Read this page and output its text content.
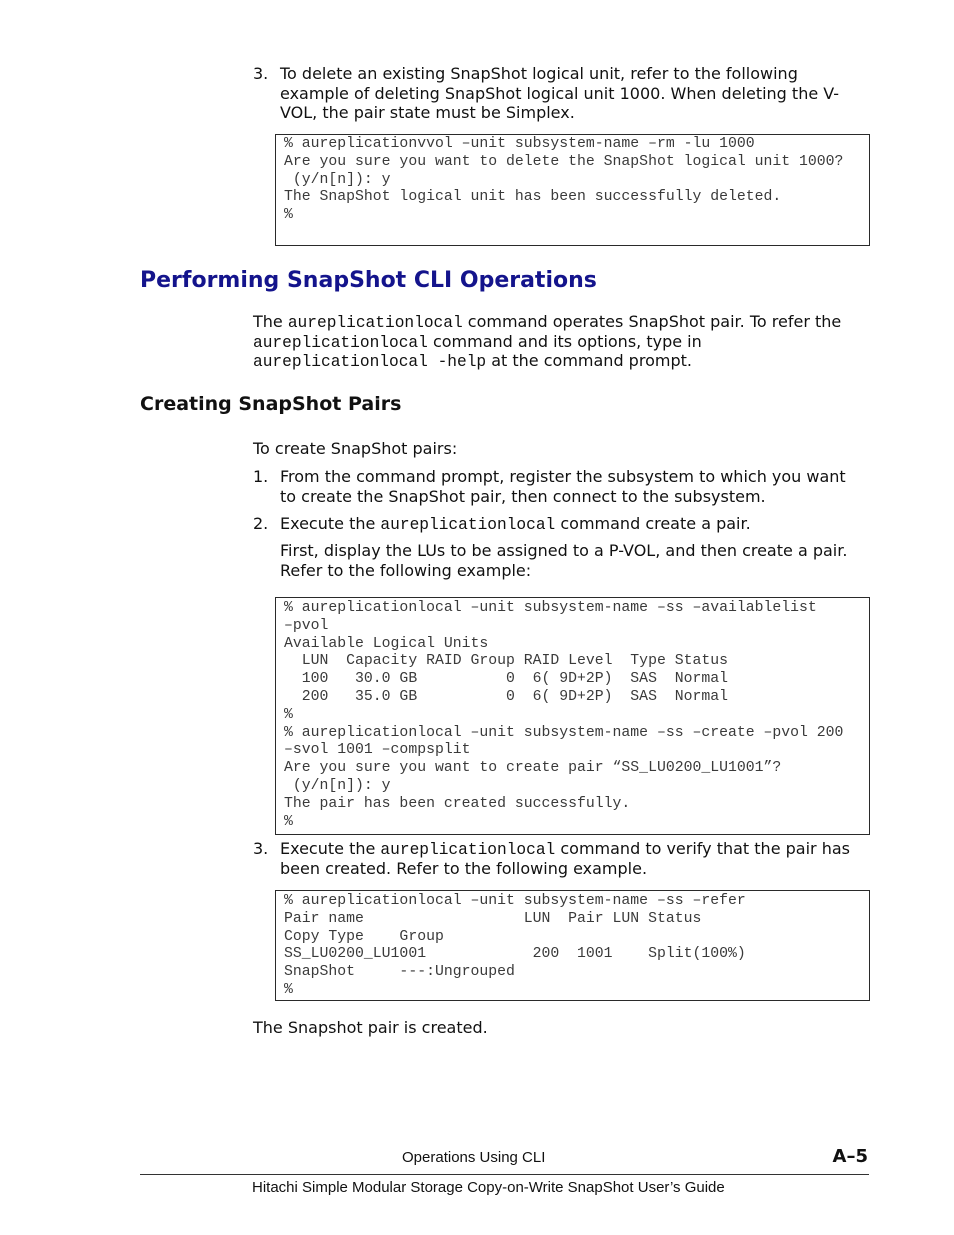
3. To delete an existing SnapShot logical unit, refer to the following
example of deleting SnapShot logical unit 1000. When deleting the V-
VOL, the pair state must be Simplex.
% aureplicationvvol –unit subsystem-name –rm -lu 1000
Are you sure you want to delete the SnapShot logical unit 1000?
(y/n[n]): y
The SnapShot logical unit has been successfully deleted.
%
Performing SnapShot CLI Operations
The aureplicationlocal command operates SnapShot pair. To refer the
aureplicationlocal command and its options, type in
aureplicationlocal -help at the command prompt.
Creating SnapShot Pairs
To create SnapShot pairs:
1. From the command prompt, register the subsystem to which you want
to create the SnapShot pair, then connect to the subsystem.
2. Execute the aureplicationlocal command create a pair.
First, display the LUs to be assigned to a P-VOL, and then create a pair.
Refer to the following example:
% aureplicationlocal –unit subsystem-name –ss –availablelist
–pvol
Available Logical Units
LUN  Capacity RAID Group RAID Level  Type Status
100   30.0 GB          0  6( 9D+2P)  SAS  Normal
200   35.0 GB          0  6( 9D+2P)  SAS  Normal
%
% aureplicationlocal –unit subsystem-name –ss –create –pvol 200
–svol 1001 –compsplit
Are you sure you want to create pair “SS_LU0200_LU1001”?
(y/n[n]): y
The pair has been created successfully.
%
3. Execute the aureplicationlocal command to verify that the pair has
been created. Refer to the following example.
% aureplicationlocal –unit subsystem-name –ss –refer
Pair name                  LUN  Pair LUN Status
Copy Type    Group
SS_LU0200_LU1001            200  1001    Split(100%)
SnapShot     ---:Ungrouped
%
The Snapshot pair is created.
Operations Using CLI	A–5
Hitachi Simple Modular Storage Copy-on-Write SnapShot User’s Guide
